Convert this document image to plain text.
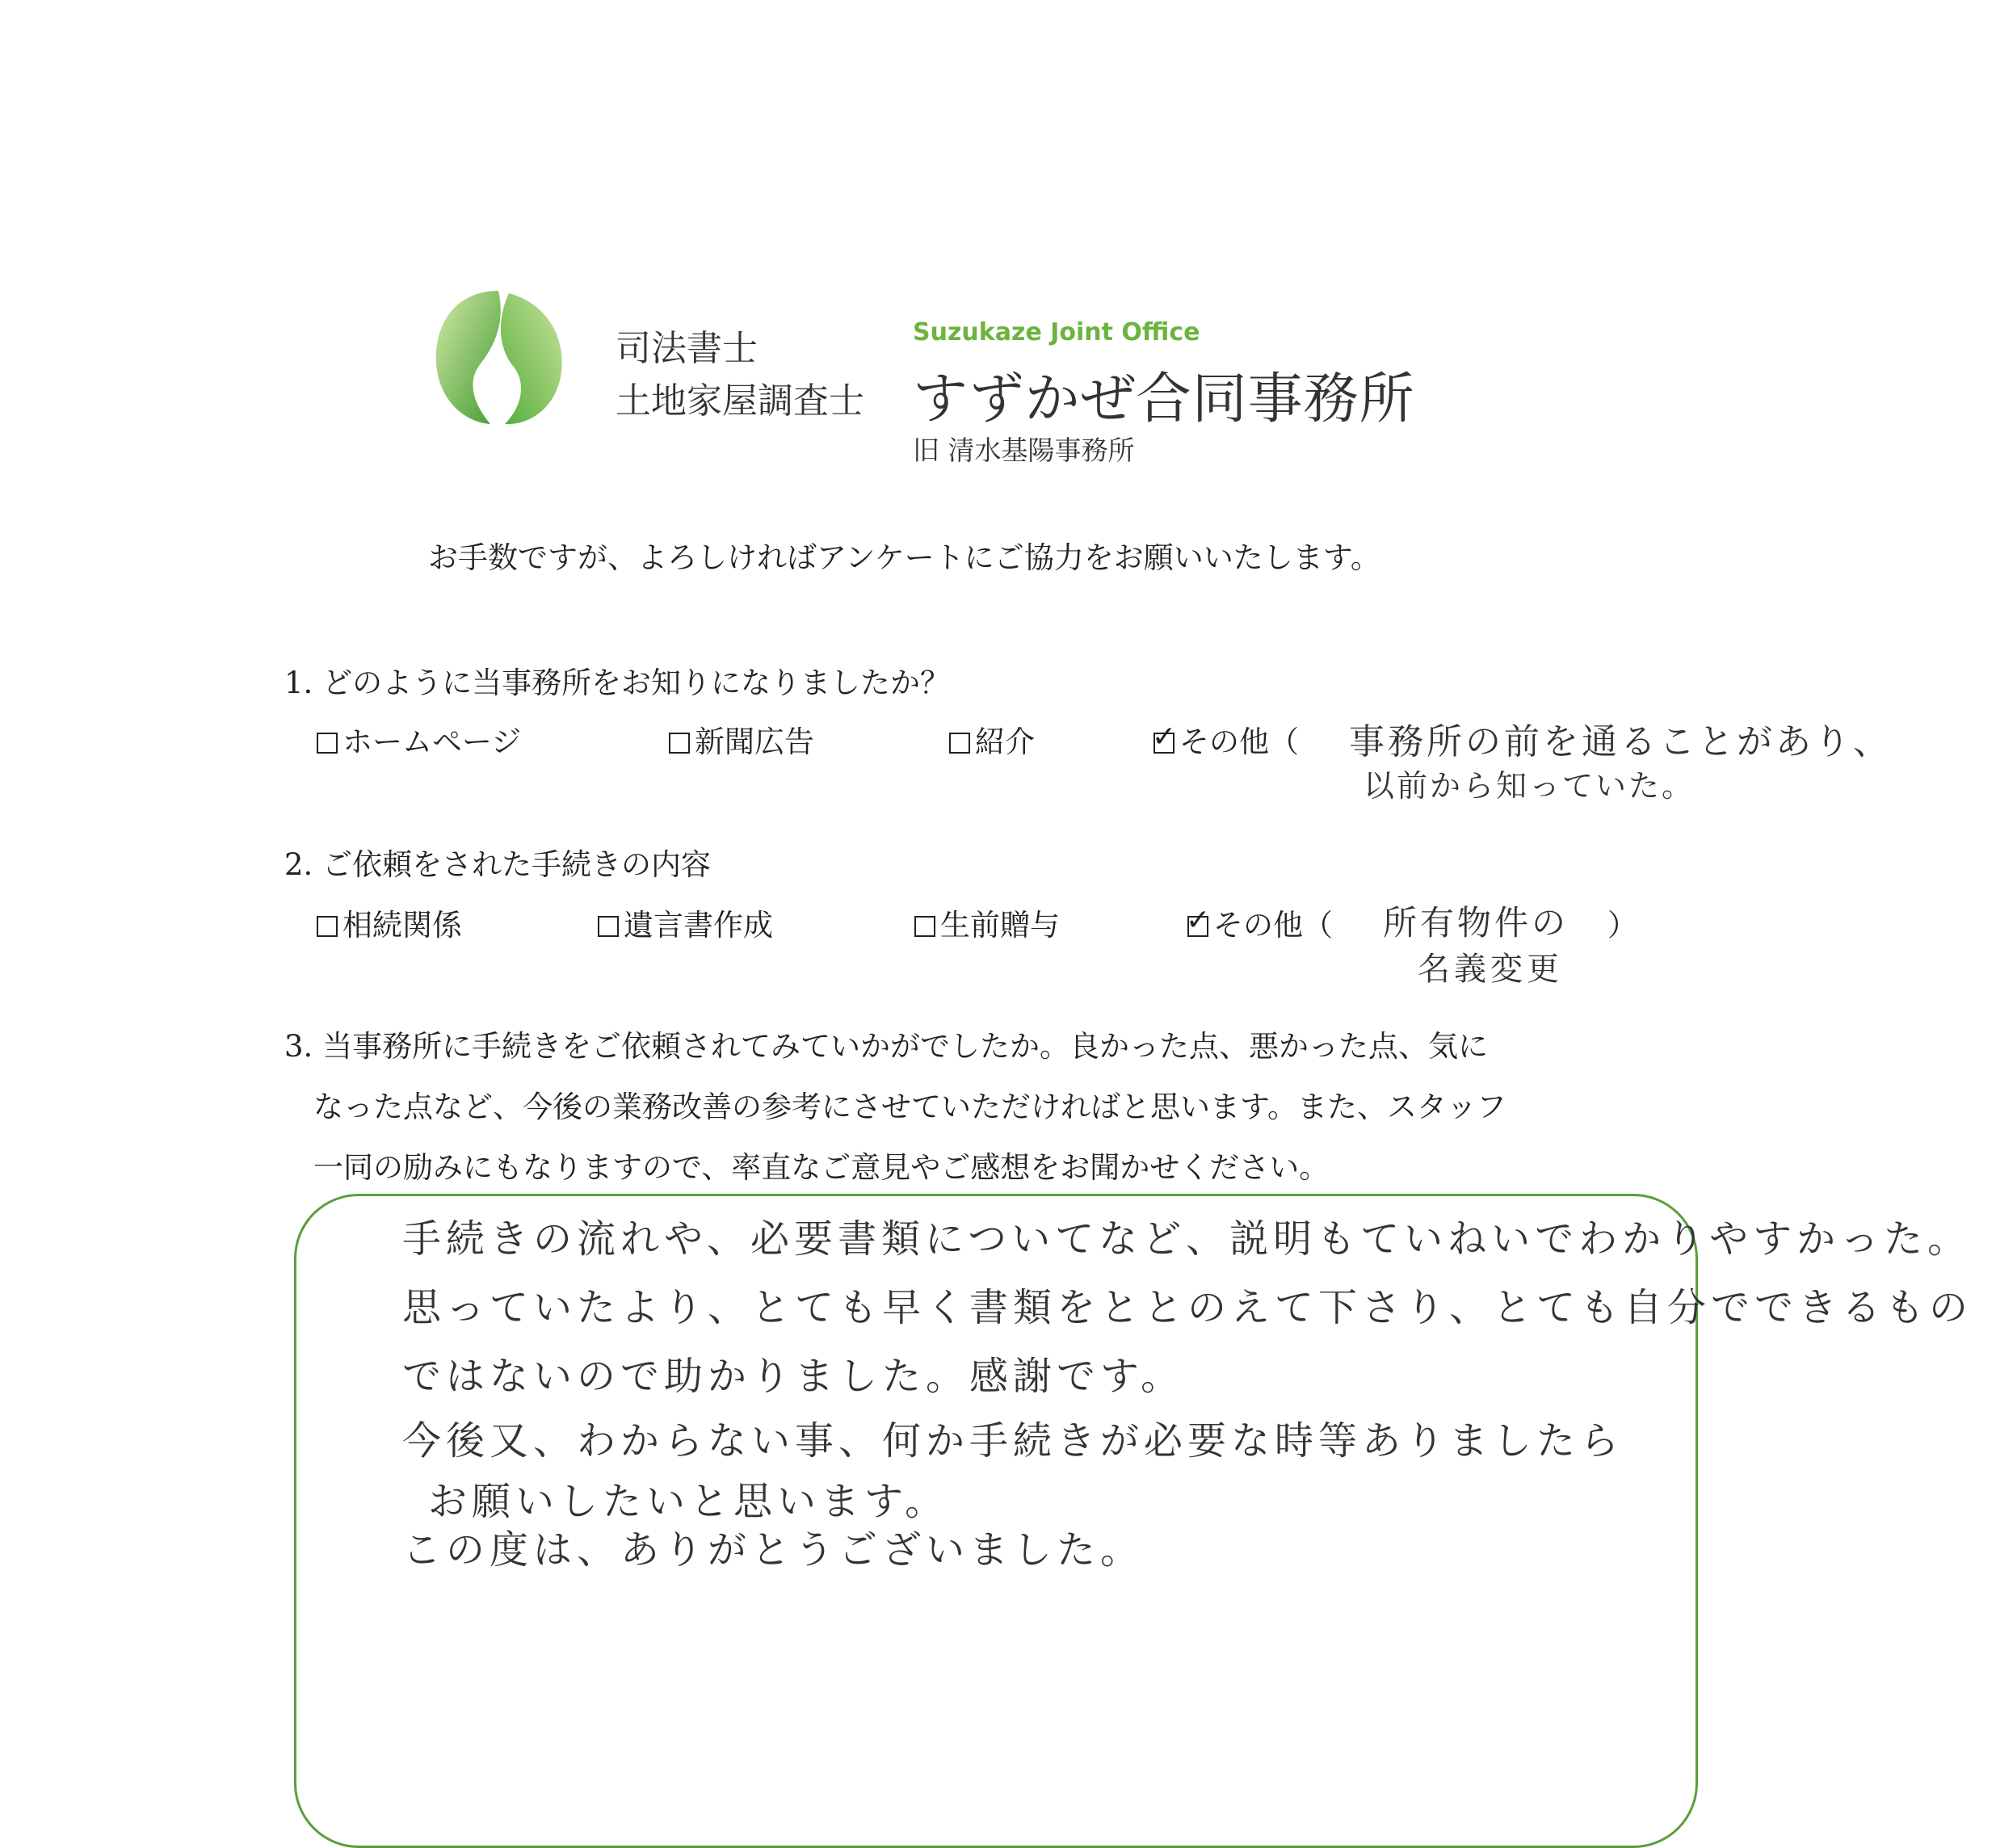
司法書士
土地家屋調査士
Suzukaze Joint Office
すずかぜ合同事務所
旧 清水基陽事務所
お手数ですが、よろしければアンケートにご協力をお願いいたします。
1. どのように当事務所をお知りになりましたか？
ホームページ	新聞広告	紹介	✓ その他（ 事務所の前を通ることがあり、
以前から知っていた。
2. ご依頼をされた手続きの内容
相続関係	遺言書作成	生前贈与	✓ その他（ 所有物件の ）
名義変更
3. 当事務所に手続きをご依頼されてみていかがでしたか。良かった点、悪かった点、気に
なった点など、今後の業務改善の参考にさせていただければと思います。また、スタッフ
一同の励みにもなりますので、率直なご意見やご感想をお聞かせください。
手続きの流れや、必要書類についてなど、説明もていねいでわかりやすかった。
思っていたより、とても早く書類をととのえて下さり、とても自分でできるもの
ではないので助かりました。感謝です。
今後又、わからない事、何か手続きが必要な時等ありましたら
お願いしたいと思います。
この度は、ありがとうございました。
